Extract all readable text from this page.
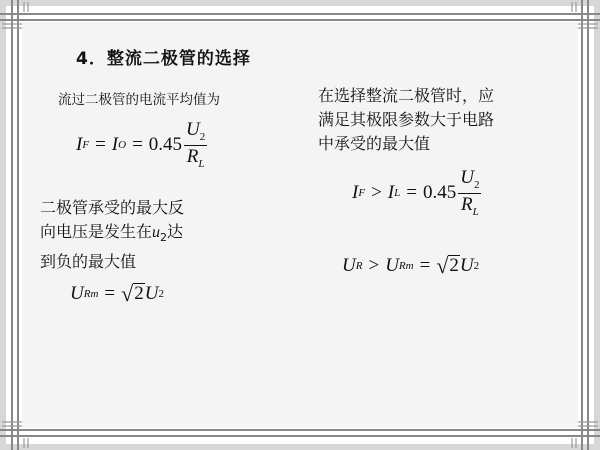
4．整流二极管的选择
流过二极管的电流平均值为
I F = I $O = 0.45 \frac{U_2}{R_L}$
二极管承受的最大反
向电压是发生在$u_2$达
到负的最大值
U Rm = √ 2 U 2
在选择整流二极管时，应
满足其极限参数大于电路
中承受的最大值
I F > I $L = 0.45 \frac{U_2}{R_L}$
U R > U Rm = √ 2 U 2
